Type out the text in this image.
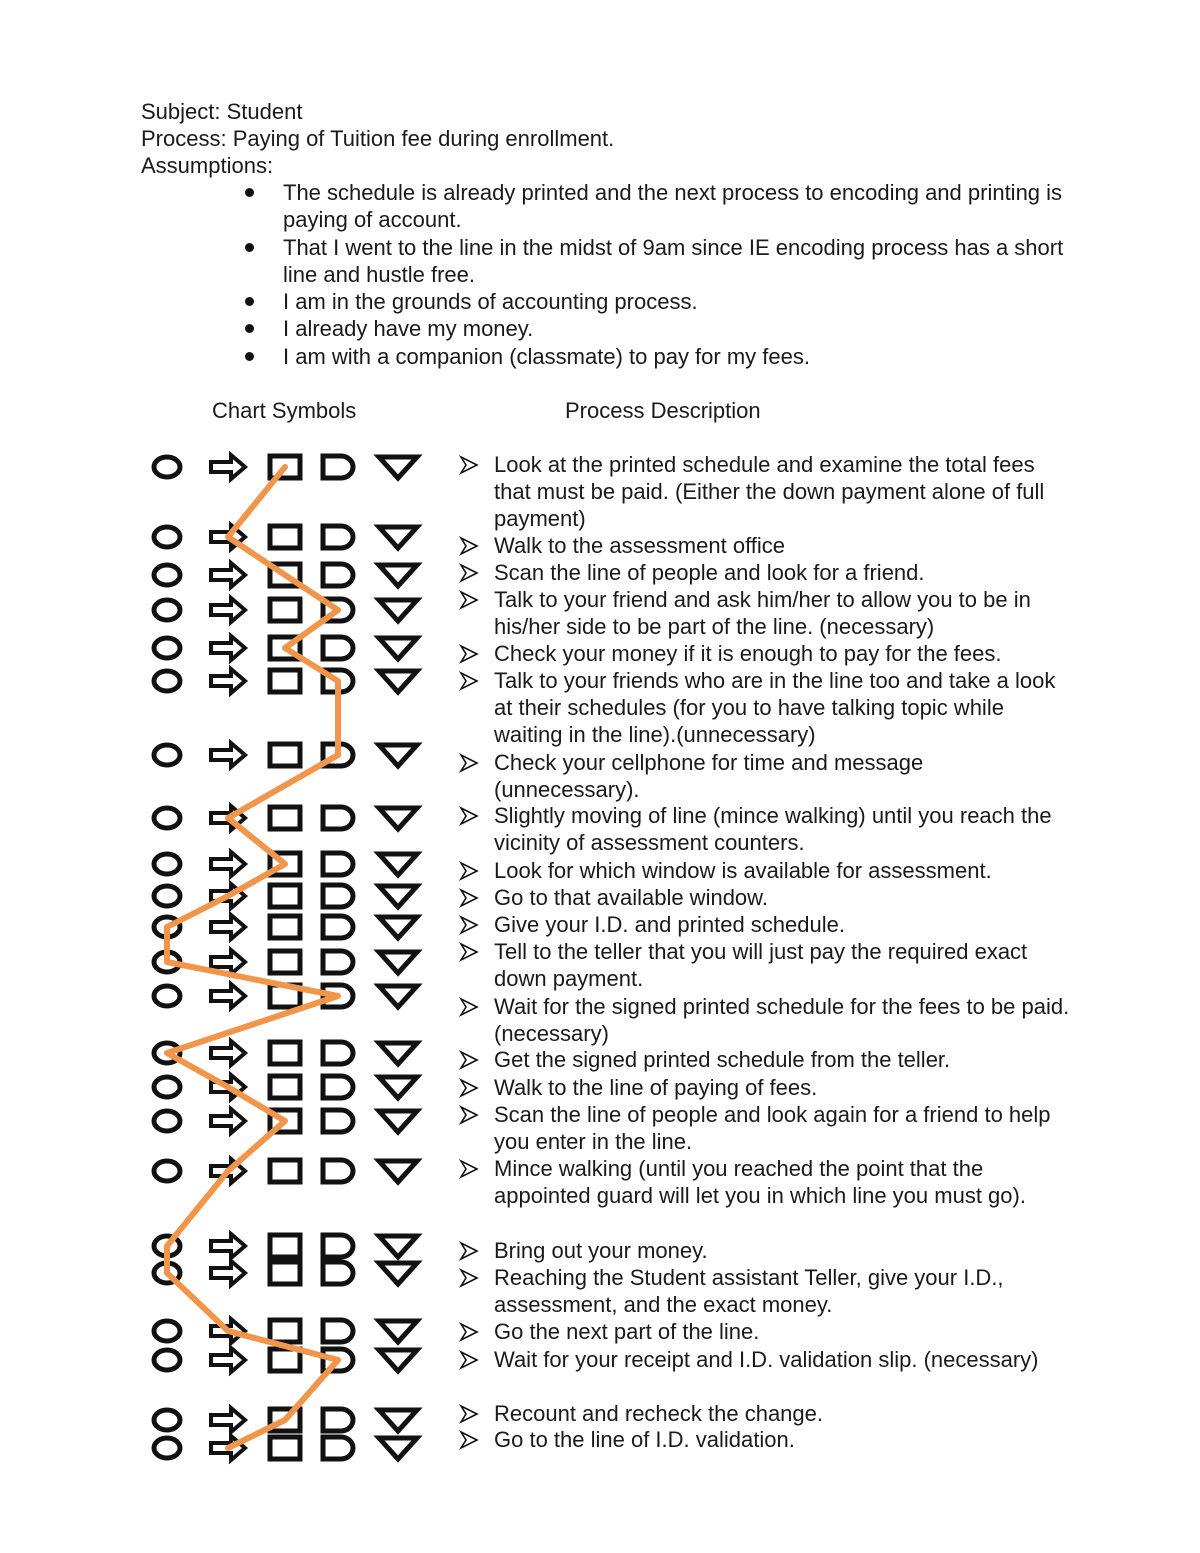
Subject: Student
Process: Paying of Tuition fee during enrollment.
Assumptions:
The schedule is already printed and the next process to encoding and printing is paying of account.
That I went to the line in the midst of 9am since IE encoding process has a short line and hustle free.
I am in the grounds of accounting process.
I already have my money.
I am with a companion (classmate) to pay for my fees.
Chart Symbols	Process Description
Look at the printed schedule and examine the total fees that must be paid. (Either the down payment alone of full payment)
Walk to the assessment office
Scan the line of people and look for a friend.
Talk to your friend and ask him/her to allow you to be in his/her side to be part of the line. (necessary)
Check your money if it is enough to pay for the fees.
Talk to your friends who are in the line too and take a look at their schedules (for you to have talking topic while waiting in the line).(unnecessary)
Check your cellphone for time and message (unnecessary).
Slightly moving of line (mince walking) until you reach the vicinity of assessment counters.
Look for which window is available for assessment.
Go to that available window.
Give your I.D. and printed schedule.
Tell to the teller that you will just pay the required exact down payment.
Wait for the signed printed schedule for the fees to be paid. (necessary)
Get the signed printed schedule from the teller.
Walk to the line of paying of fees.
Scan the line of people and look again for a friend to help you enter in the line.
Mince walking (until you reached the point that the appointed guard will let you in which line you must go).
Bring out your money.
Reaching the Student assistant Teller, give your I.D., assessment, and the exact money.
Go the next part of the line.
Wait for your receipt and I.D. validation slip. (necessary)
Recount and recheck the change.
Go to the line of I.D. validation.
